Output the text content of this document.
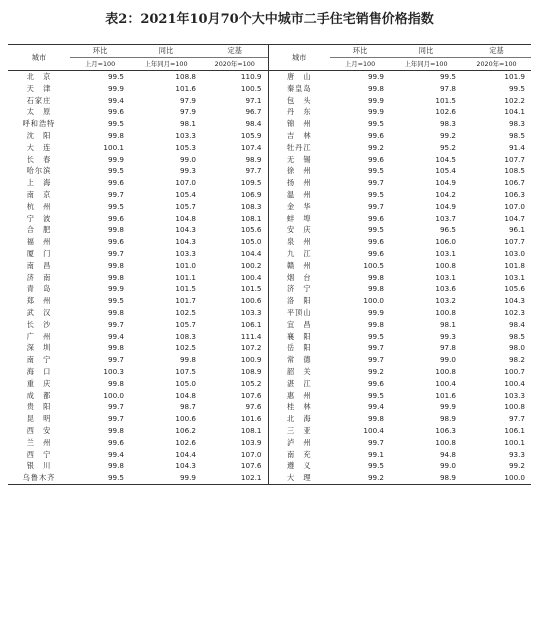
表2：2021年10月70个大中城市二手住宅销售价格指数
城市	环比	同比	定基	城市	环比	同比	定基
	上月=100	上年同月=100	2020年=100		上月=100	上年同月=100	2020年=100
北　京	99.5	108.8	110.9	唐　山	99.9	99.5	101.9
天　津	99.9	101.6	100.5	秦皇岛	99.8	97.8	99.5
石家庄	99.4	97.9	97.1	包　头	99.9	101.5	102.2
太　原	99.6	97.9	96.7	丹　东	99.9	102.6	104.1
呼和浩特	99.5	98.1	98.4	锦　州	99.5	98.3	98.3
沈　阳	99.8	103.3	105.9	吉　林	99.6	99.2	98.5
大　连	100.1	105.3	107.4	牡丹江	99.2	95.2	91.4
长　春	99.9	99.0	98.9	无　锡	99.6	104.5	107.7
哈尔滨	99.5	99.3	97.7	徐　州	99.5	105.4	108.5
上　海	99.6	107.0	109.5	扬　州	99.7	104.9	106.7
南　京	99.7	105.4	106.9	温　州	99.5	104.2	106.3
杭　州	99.5	105.7	108.3	金　华	99.7	104.9	107.0
宁　波	99.6	104.8	108.1	蚌　埠	99.6	103.7	104.7
合　肥	99.8	104.3	105.6	安　庆	99.5	96.5	96.1
福　州	99.6	104.3	105.0	泉　州	99.6	106.0	107.7
厦　门	99.7	103.3	104.4	九　江	99.6	103.1	103.0
南　昌	99.8	101.0	100.2	赣　州	100.5	100.8	101.8
济　南	99.8	101.1	100.4	烟　台	99.8	103.1	103.1
青　岛	99.9	101.5	101.5	济　宁	99.8	103.6	105.6
郑　州	99.5	101.7	100.6	洛　阳	100.0	103.2	104.3
武　汉	99.8	102.5	103.3	平顶山	99.9	100.8	102.3
长　沙	99.7	105.7	106.1	宜　昌	99.8	98.1	98.4
广　州	99.4	108.3	111.4	襄　阳	99.5	99.3	98.5
深　圳	99.8	102.5	107.2	岳　阳	99.7	97.8	98.0
南　宁	99.7	99.8	100.9	常　德	99.7	99.0	98.2
海　口	100.3	107.5	108.9	韶　关	99.2	100.8	100.7
重　庆	99.8	105.0	105.2	湛　江	99.6	100.4	100.4
成　都	100.0	104.8	107.6	惠　州	99.5	101.6	103.3
贵　阳	99.7	98.7	97.6	桂　林	99.4	99.9	100.8
昆　明	99.7	100.6	101.6	北　海	99.8	98.9	97.7
西　安	99.8	106.2	108.1	三　亚	100.4	106.3	106.1
兰　州	99.6	102.6	103.9	泸　州	99.7	100.8	100.1
西　宁	99.4	104.4	107.0	南　充	99.1	94.8	93.3
银　川	99.8	104.3	107.6	遵　义	99.5	99.0	99.2
乌鲁木齐	99.5	99.9	102.1	大　理	99.2	98.9	100.0
